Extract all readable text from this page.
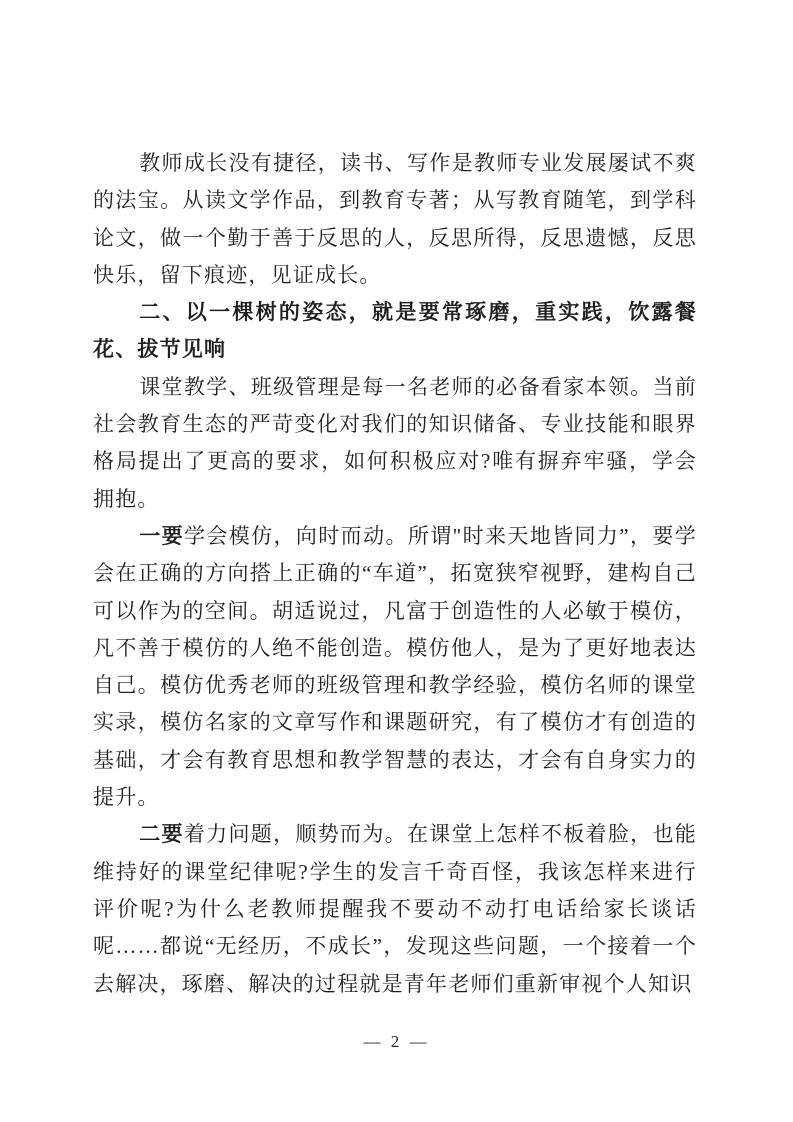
教师成长没有捷径，读书、写作是教师专业发展屡试不爽的法宝。从读文学作品，到教育专著；从写教育随笔，到学科论文，做一个勤于善于反思的人，反思所得，反思遗憾，反思快乐，留下痕迹，见证成长。

二、以一棵树的姿态，就是要常琢磨，重实践，饮露餐花、拔节见响

课堂教学、班级管理是每一名老师的必备看家本领。当前社会教育生态的严苛变化对我们的知识储备、专业技能和眼界格局提出了更高的要求，如何积极应对?唯有摒弃牢骚，学会拥抱。

一要学会模仿，向时而动。所谓"时来天地皆同力”，要学会在正确的方向搭上正确的“车道”，拓宽狭窄视野，建构自己可以作为的空间。胡适说过，凡富于创造性的人必敏于模仿，凡不善于模仿的人绝不能创造。模仿他人，是为了更好地表达自己。模仿优秀老师的班级管理和教学经验，模仿名师的课堂实录，模仿名家的文章写作和课题研究，有了模仿才有创造的基础，才会有教育思想和教学智慧的表达，才会有自身实力的提升。

二要着力问题，顺势而为。在课堂上怎样不板着脸，也能维持好的课堂纪律呢?学生的发言千奇百怪，我该怎样来进行评价呢?为什么老教师提醒我不要动不动打电话给家长谈话呢……都说“无经历，不成长”，发现这些问题，一个接着一个去解决，琢磨、解决的过程就是青年老师们重新审视个人知识

— 2 —
